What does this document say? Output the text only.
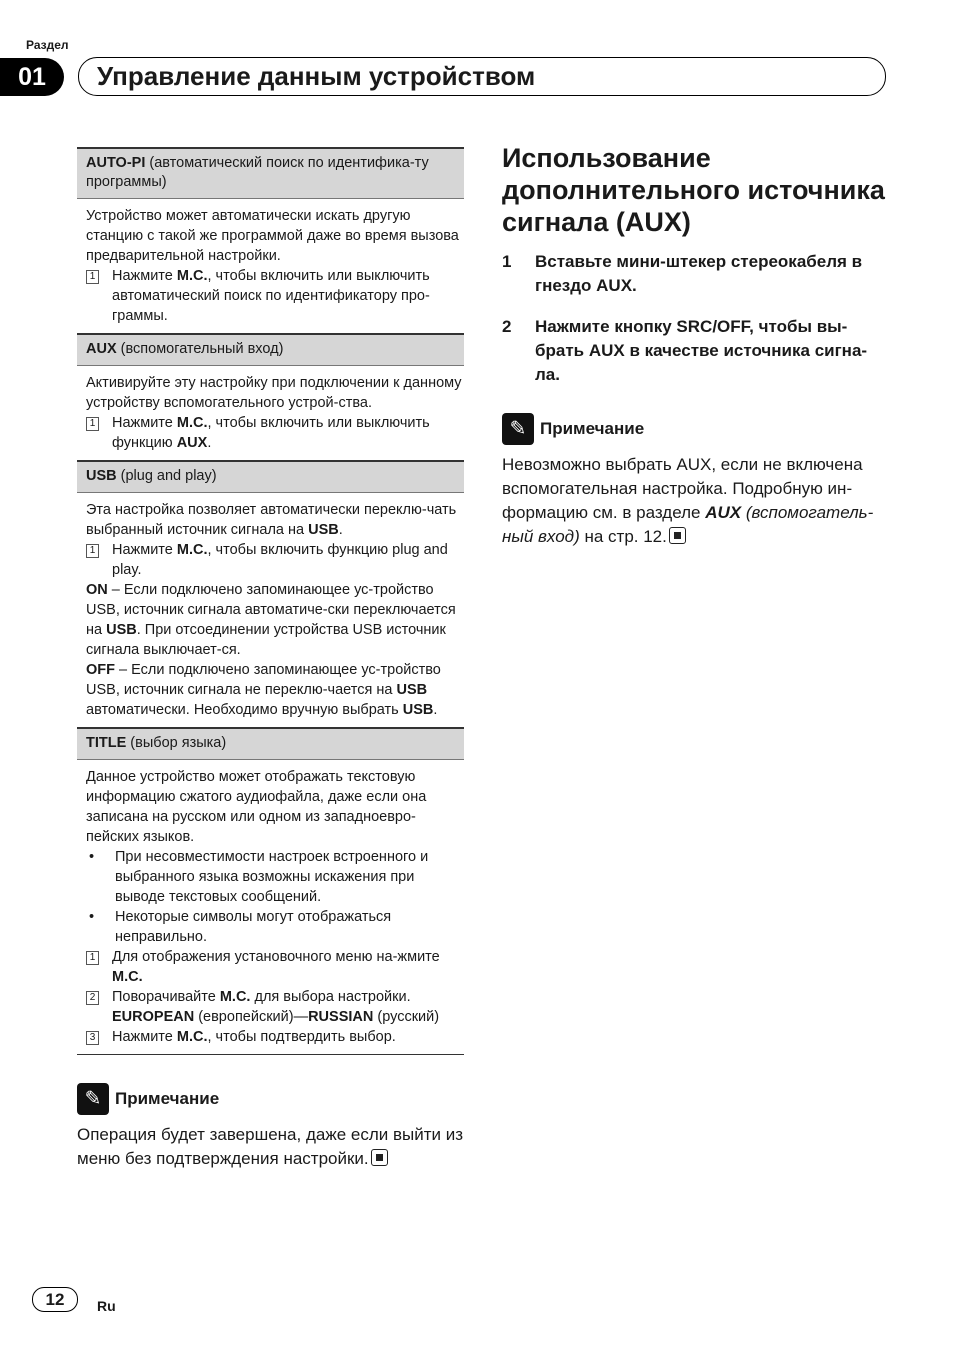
Раздел
01	Управление данным устройством
AUTO-PI (автоматический поиск по идентифика-ту программы)

Устройство может автоматически искать другую станцию с такой же программой даже во время вызова предварительной настройки.

1	Нажмите M.C., чтобы включить или выключить автоматический поиск по идентификатору про-граммы.
AUX (вспомогательный вход)

Активируйте эту настройку при подключении к данному устройству вспомогательного устрой-ства.

1	Нажмите M.C., чтобы включить или выключить функцию AUX.
USB (plug and play)

Эта настройка позволяет автоматически переклю-чать выбранный источник сигнала на USB.

1	Нажмите M.C., чтобы включить функцию plug and play.

ON – Если подключено запоминающее ус-тройство USB, источник сигнала автоматиче-ски переключается на USB. При отсоединении устройства USB источник сигнала выключает-ся.

OFF – Если подключено запоминающее ус-тройство USB, источник сигнала не переклю-чается на USB автоматически. Необходимо вручную выбрать USB.

TITLE (выбор языка)

Данное устройство может отображать текстовую информацию сжатого аудиофайла, даже если она записана на русском или одном из западноевро-пейских языков.

•	При несовместимости настроек встроенного и выбранного языка возможны искажения при выводе текстовых сообщений.
•	Некоторые символы могут отображаться неправильно.
1	Для отображения установочного меню на-жмите M.C.
2	Поворачивайте M.C. для выбора настройки.
EUROPEAN (европейский)—RUSSIAN (русский)
3	Нажмите M.C., чтобы подтвердить выбор.
✎ Примечание
Операция будет завершена, даже если выйти из меню без подтверждения настройки.
Использование дополнительного источника сигнала (AUX)
1	Вставьте мини-штекер стереокабеля в гнездо AUX.
2	Нажмите кнопку SRC/OFF, чтобы вы-брать AUX в качестве источника сигна-ла.
✎ Примечание
Невозможно выбрать AUX, если не включена вспомогательная настройка. Подробную ин-формацию см. в разделе AUX (вспомогатель-ный вход) на стр. 12.
12	Ru
